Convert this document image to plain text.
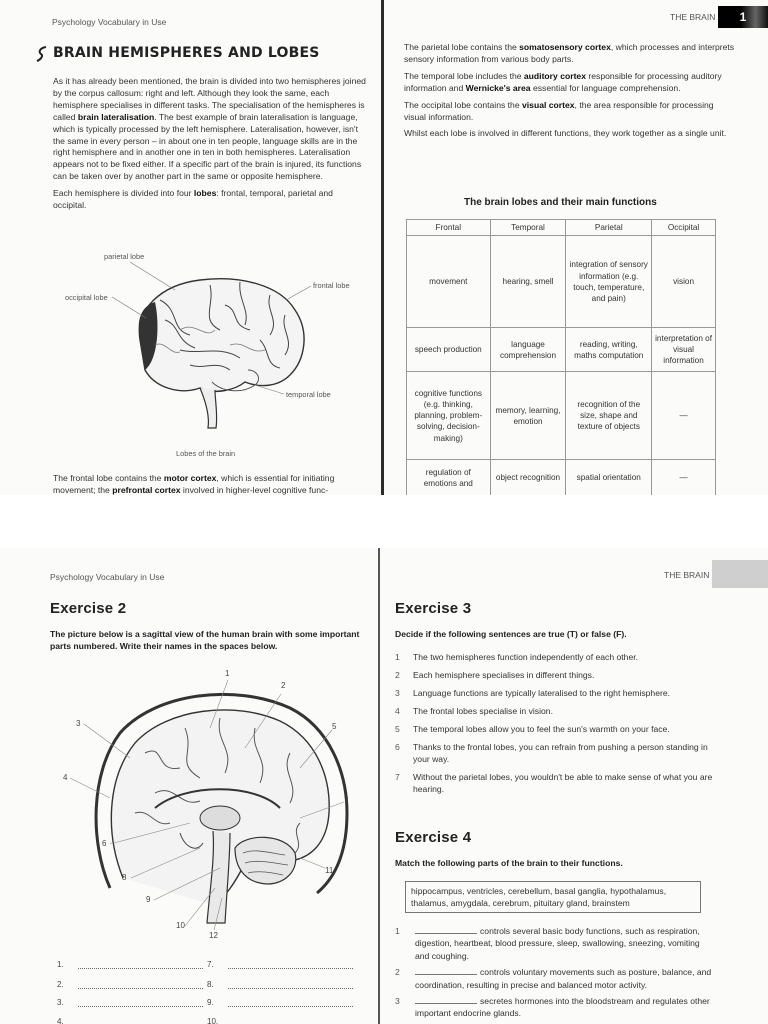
Psychology Vocabulary in Use
BRAIN HEMISPHERES AND LOBES

As it has already been mentioned, the brain is divided into two hemispheres joined by the corpus callosum: right and left. Although they look the same, each hemisphere specialises in different tasks. The specialisation of the hemispheres is called brain lateralisation. The best example of brain lateralisation is language, which is typically processed by the left hemisphere. Lateralisation, however, isn't the same in every person – in about one in ten people, language skills are in the right hemisphere and in another one in ten in both hemispheres. Lateralisation appears not to be fixed either. If a specific part of the brain is injured, its functions can be taken over by another part in the same or opposite hemisphere.

Each hemisphere is divided into four lobes: frontal, temporal, parietal and occipital.

parietal lobe
frontal lobe
occipital lobe
temporal lobe
Lobes of the brain

The frontal lobe contains the motor cortex, which is essential for initiating movement; the prefrontal cortex involved in higher-level cognitive func-

THE BRAIN	1

The parietal lobe contains the somatosensory cortex, which processes and interprets sensory information from various body parts.

The temporal lobe includes the auditory cortex responsible for processing auditory information and Wernicke's area essential for language comprehension.

The occipital lobe contains the visual cortex, the area responsible for processing visual information.

Whilst each lobe is involved in different functions, they work together as a single unit.

The brain lobes and their main functions
Frontal	Temporal	Parietal	Occipital
movement	hearing, smell	integration of sensory information (e.g. touch, temperature, and pain)	vision
speech production	language comprehension	reading, writing, maths computation	interpretation of visual information
cognitive functions (e.g. thinking, planning, problem-solving, decision-making)	memory, learning, emotion	recognition of the size, shape and texture of objects	—
regulation of emotions and	object recognition	spatial orientation	—
Psychology Vocabulary in Use
Exercise 2
The picture below is a sagittal view of the human brain with some important parts numbered. Write their names in the spaces below.
1
2
3
4
5
6
7
8
9
10
11
12
1.
2.
3.
4.
7.
8.
9.
10.
THE BRAIN
Exercise 3
Decide if the following sentences are true (T) or false (F).
1	The two hemispheres function independently of each other.
2	Each hemisphere specialises in different things.
3	Language functions are typically lateralised to the right hemisphere.
4	The frontal lobes specialise in vision.
5	The temporal lobes allow you to feel the sun's warmth on your face.
6	Thanks to the frontal lobes, you can refrain from pushing a person standing in your way.
7	Without the parietal lobes, you wouldn't be able to make sense of what you are hearing.
Exercise 4
Match the following parts of the brain to their functions.
hippocampus, ventricles, cerebellum, basal ganglia, hypothalamus, thalamus, amygdala, cerebrum, pituitary gland, brainstem
1	controls several basic body functions, such as respiration, digestion, heartbeat, blood pressure, sleep, swallowing, sneezing, vomiting and coughing.
2	controls voluntary movements such as posture, balance, and coordination, resulting in precise and balanced motor activity.
3	secretes hormones into the bloodstream and regulates other important endocrine glands.
